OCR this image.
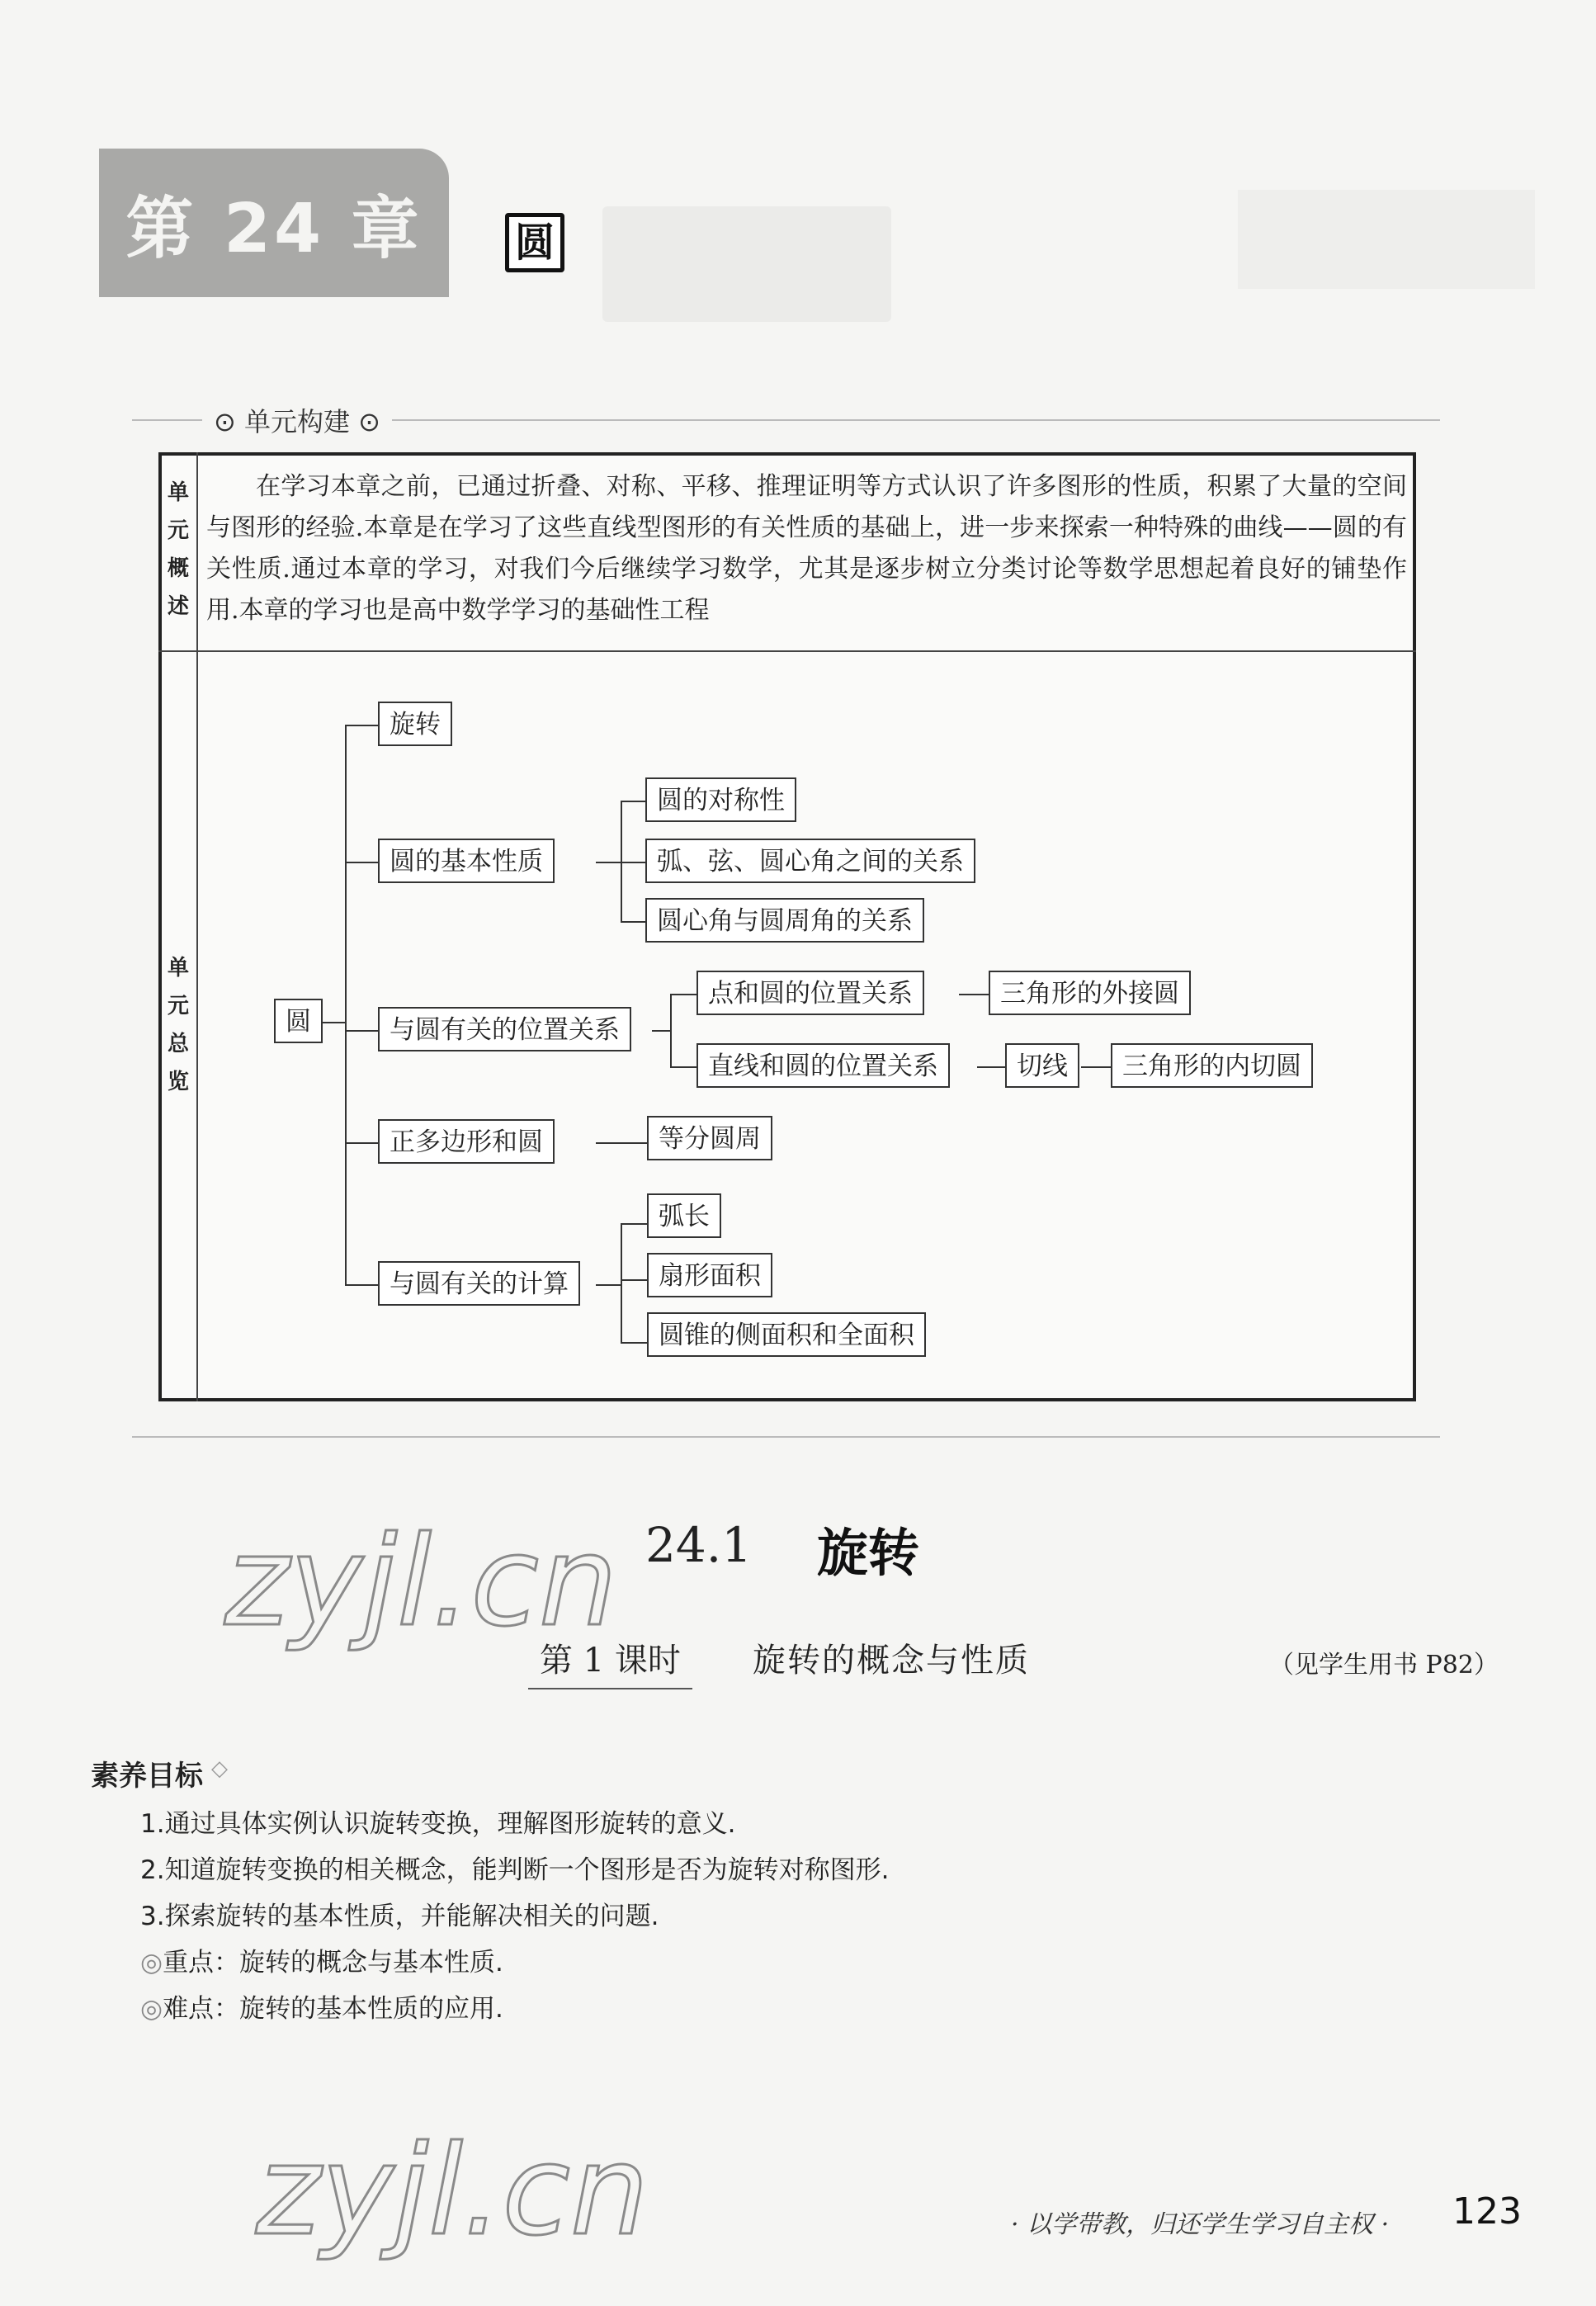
第 24 章	圆
⊙ 单元构建 ⊙
单元概述
在学习本章之前，已通过折叠、对称、平移、推理证明等方式认识了许多图形的性质，积累了大量的空间与图形的经验.本章是在学习了这些直线型图形的有关性质的基础上，进一步来探索一种特殊的曲线——圆的有关性质.通过本章的学习，对我们今后继续学习数学，尤其是逐步树立分类讨论等数学思想起着良好的铺垫作用.本章的学习也是高中数学学习的基础性工程
单元总览
圆
旋转
圆的基本性质
圆的对称性
弧、弦、圆心角之间的关系
圆心角与圆周角的关系
与圆有关的位置关系
点和圆的位置关系	三角形的外接圆
直线和圆的位置关系	切线	三角形的内切圆
正多边形和圆	等分圆周
与圆有关的计算
弧长
扇形面积
圆锥的侧面积和全面积
zyjl.cn 24.1 旋转
第 1 课时	旋转的概念与性质	（见学生用书 P82）
素养目标 ◇
1.通过具体实例认识旋转变换，理解图形旋转的意义.
2.知道旋转变换的相关概念，能判断一个图形是否为旋转对称图形.
3.探索旋转的基本性质，并能解决相关的问题.
◎重点：旋转的概念与基本性质.
◎难点：旋转的基本性质的应用.
zyjl.cn	· 以学带教，归还学生学习自主权 · 123
